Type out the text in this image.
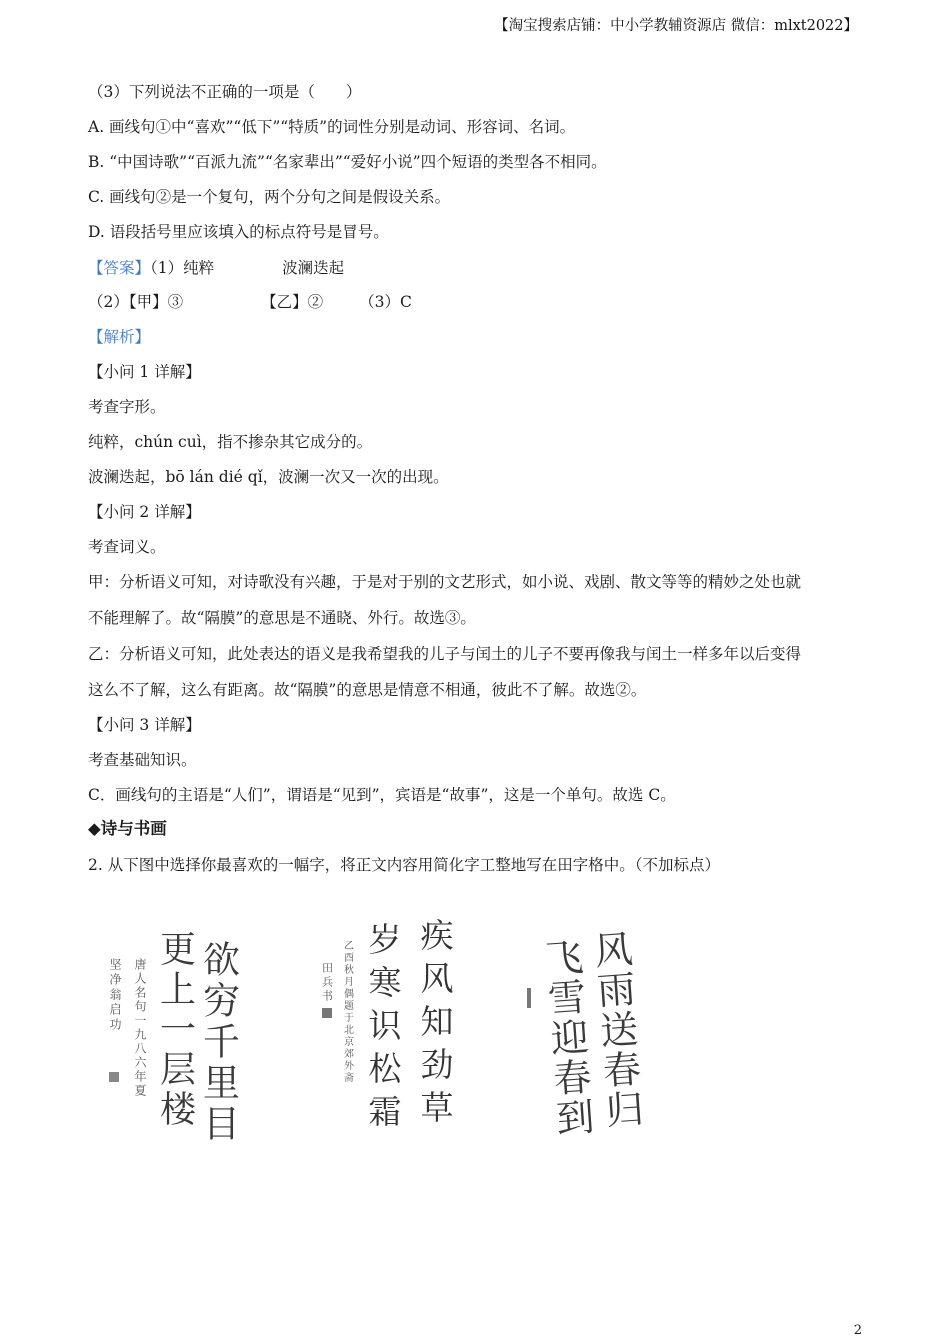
【淘宝搜索店铺：中小学教辅资源店 微信：mlxt2022】
（3）下列说法不正确的一项是（　　）
A. 画线句①中“喜欢”“低下”“特质”的词性分别是动词、形容词、名词。
B. “中国诗歌”“百派九流”“名家辈出”“爱好小说”四个短语的类型各不相同。
C. 画线句②是一个复句，两个分句之间是假设关系。
D. 语段括号里应该填入的标点符号是冒号。
【答案】（1）纯粹	波澜迭起
（2）【甲】③	【乙】② （3）C
【解析】
【小问 1 详解】
考查字形。
纯粹，chún cuì，指不掺杂其它成分的。
波澜迭起，bō lán dié qǐ，波澜一次又一次的出现。
【小问 2 详解】
考查词义。
甲：分析语义可知，对诗歌没有兴趣，于是对于别的文艺形式，如小说、戏剧、散文等等的精妙之处也就
不能理解了。故“隔膜”的意思是不通晓、外行。故选③。
乙：分析语义可知，此处表达的语义是我希望我的儿子与闰土的儿子不要再像我与闰土一样多年以后变得
这么不了解，这么有距离。故“隔膜”的意思是情意不相通，彼此不了解。故选②。
【小问 3 详解】
考查基础知识。
C．画线句的主语是“人们”，谓语是“见到”，宾语是“故事”，这是一个单句。故选 C。
◆诗与书画
2. 从下图中选择你最喜欢的一幅字，将正文内容用简化字工整地写在田字格中。（不加标点）
欲穷千里目
更上一层楼
唐人名句一九八六年夏
坚净翁启功	疾风知劲草
岁寒识松霜
乙酉秋月偶题于北京郊外斋
田兵书	风雨送春归
飞雪迎春到
2
